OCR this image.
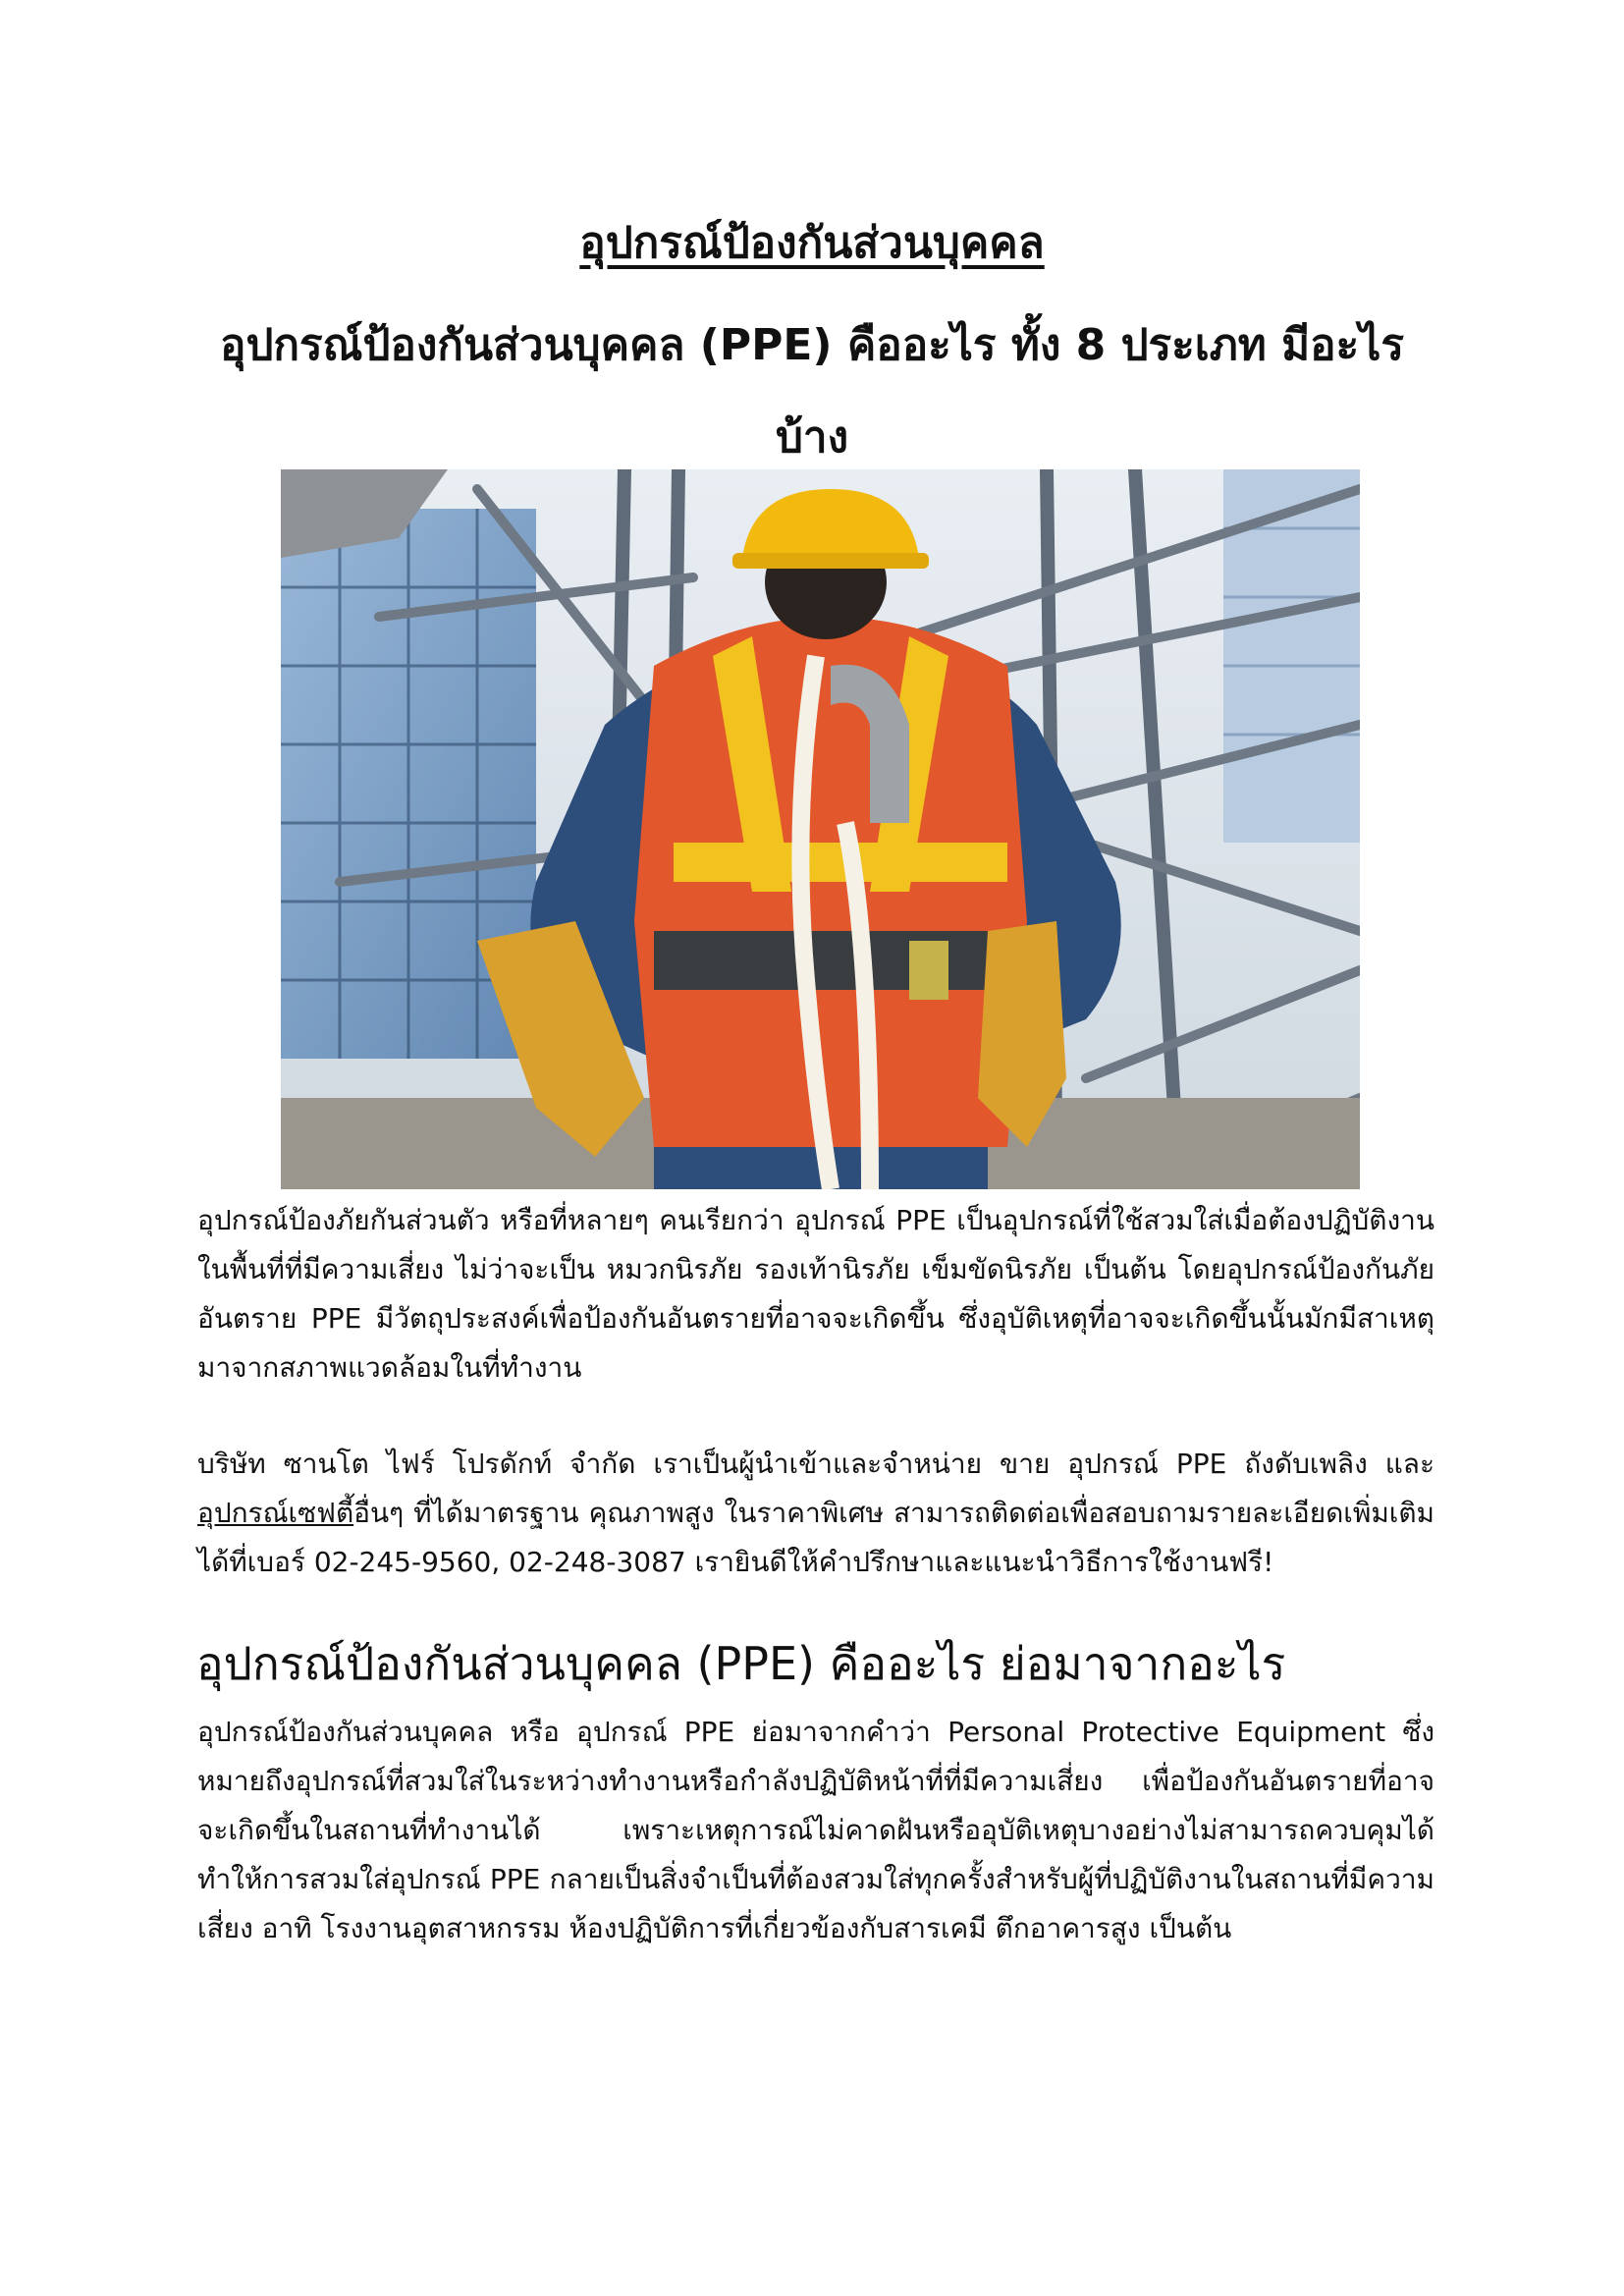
อุปกรณ์ป้องกันส่วนบุคคล
อุปกรณ์ป้องกันส่วนบุคคล (PPE) คืออะไร ทั้ง 8 ประเภท มีอะไรบ้าง
อุปกรณ์ป้องภัยกันส่วนตัว หรือที่หลายๆ คนเรียกว่า อุปกรณ์ PPE เป็นอุปกรณ์ที่ใช้สวมใส่เมื่อต้องปฏิบัติงานในพื้นที่ที่มีความเสี่ยง ไม่ว่าจะเป็น หมวกนิรภัย รองเท้านิรภัย เข็มขัดนิรภัย เป็นต้น โดยอุปกรณ์ป้องกันภัยอันตราย PPE มีวัตถุประสงค์เพื่อป้องกันอันตรายที่อาจจะเกิดขึ้น ซึ่งอุบัติเหตุที่อาจจะเกิดขึ้นนั้นมักมีสาเหตุมาจากสภาพแวดล้อมในที่ทำงาน
บริษัท ซานโต ไฟร์ โปรดักท์ จำกัด เราเป็นผู้นำเข้าและจำหน่าย ขาย อุปกรณ์ PPE ถังดับเพลิง และอุปกรณ์เซฟตี้อื่นๆ ที่ได้มาตรฐาน คุณภาพสูง ในราคาพิเศษ สามารถติดต่อเพื่อสอบถามรายละเอียดเพิ่มเติมได้ที่เบอร์ 02-245-9560, 02-248-3087 เรายินดีให้คำปรึกษาและแนะนำวิธีการใช้งานฟรี!
อุปกรณ์ป้องกันส่วนบุคคล (PPE) คืออะไร ย่อมาจากอะไร
อุปกรณ์ป้องกันส่วนบุคคล หรือ อุปกรณ์ PPE ย่อมาจากคำว่า Personal Protective Equipment ซึ่งหมายถึงอุปกรณ์ที่สวมใส่ในระหว่างทำงานหรือกำลังปฏิบัติหน้าที่ที่มีความเสี่ยง เพื่อป้องกันอันตรายที่อาจจะเกิดขึ้นในสถานที่ทำงานได้ เพราะเหตุการณ์ไม่คาดฝันหรืออุบัติเหตุบางอย่างไม่สามารถควบคุมได้ ทำให้การสวมใส่อุปกรณ์ PPE กลายเป็นสิ่งจำเป็นที่ต้องสวมใส่ทุกครั้งสำหรับผู้ที่ปฏิบัติงานในสถานที่มีความเสี่ยง อาทิ โรงงานอุตสาหกรรม ห้องปฏิบัติการที่เกี่ยวข้องกับสารเคมี ตึกอาคารสูง เป็นต้น
